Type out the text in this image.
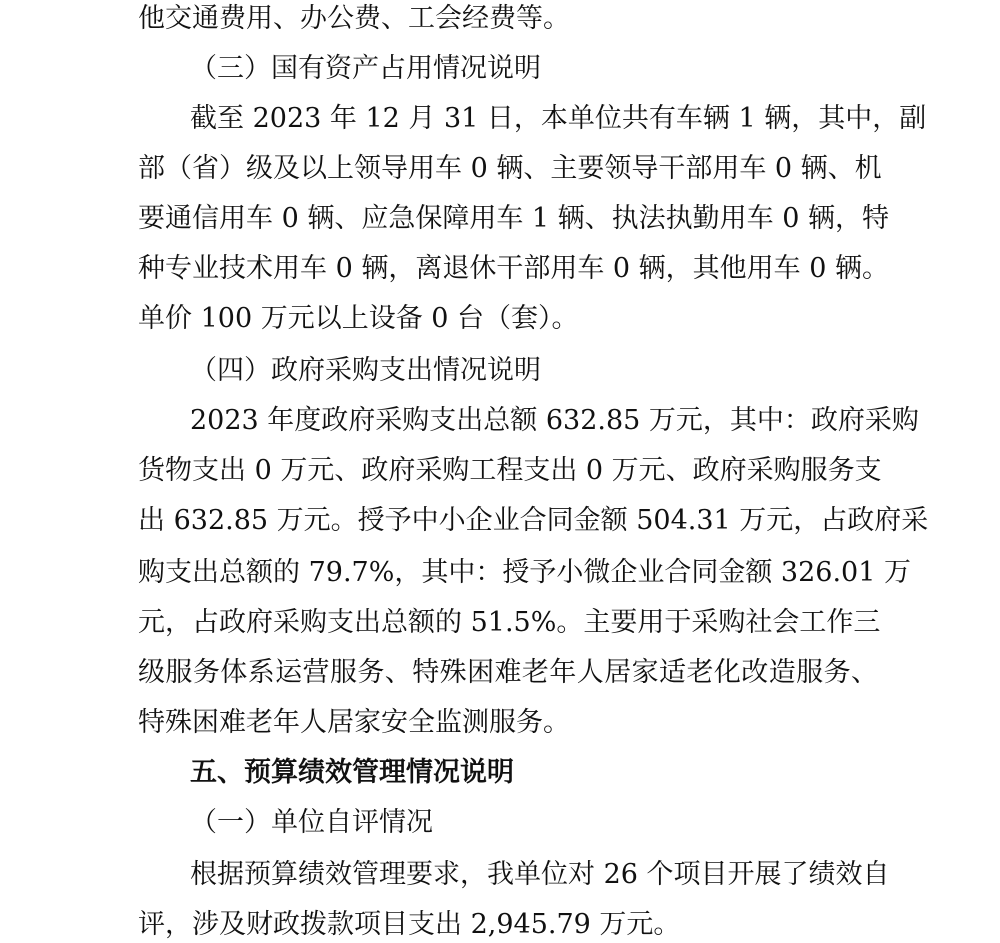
他交通费用、办公费、工会经费等。
（三）国有资产占用情况说明
截至 2023 年 12 月 31 日，本单位共有车辆 1 辆，其中，副
部（省）级及以上领导用车 0 辆、主要领导干部用车 0 辆、机
要通信用车 0 辆、应急保障用车 1 辆、执法执勤用车 0 辆，特
种专业技术用车 0 辆，离退休干部用车 0 辆，其他用车 0 辆。
单价 100 万元以上设备 0 台（套）。
（四）政府采购支出情况说明
2023 年度政府采购支出总额 632.85 万元，其中：政府采购
货物支出 0 万元、政府采购工程支出 0 万元、政府采购服务支
出 632.85 万元。授予中小企业合同金额 504.31 万元，占政府采
购支出总额的 79.7%，其中：授予小微企业合同金额 326.01 万
元，占政府采购支出总额的 51.5%。主要用于采购社会工作三
级服务体系运营服务、特殊困难老年人居家适老化改造服务、
特殊困难老年人居家安全监测服务。
五、预算绩效管理情况说明
（一）单位自评情况
根据预算绩效管理要求，我单位对 26 个项目开展了绩效自
评，涉及财政拨款项目支出 2,945.79 万元。
